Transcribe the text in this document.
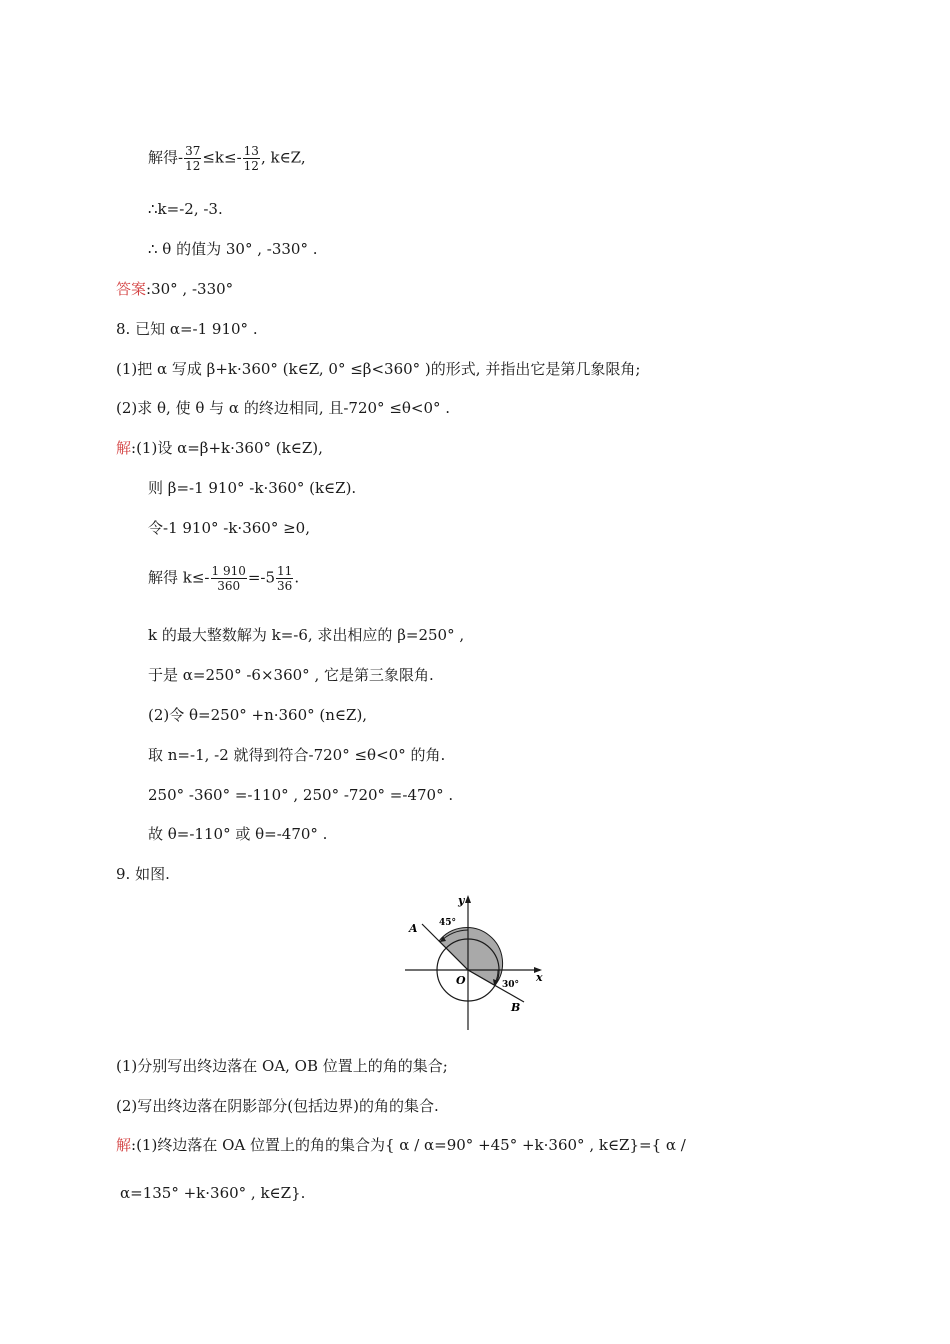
解得- $\frac{37}{12} \le k\le- \frac{13}{12}$ , k∈Z,
∴k=-2, -3.
∴ θ 的值为 30° , -330° .
答案:30° , -330°
8. 已知 α=-1 910° .
(1)把 α 写成 β+k·360° (k∈Z, 0° ≤β<360° )的形式, 并指出它是第几象限角;
(2)求 θ, 使 θ 与 α 的终边相同, 且-720° ≤θ<0° .
解:(1)设 α=β+k·360° (k∈Z),
则 β=-1 910° -k·360° (k∈Z).
令-1 910° -k·360° ≥0,
解得 $k\le- \frac{1 910}{360} =-5 \frac{11}{36}$ .
k 的最大整数解为 k=-6, 求出相应的 β=250° ,
于是 α=250° -6×360° , 它是第三象限角.
(2)令 θ=250° +n·360° (n∈Z),
取 n=-1, -2 就得到符合-720° ≤θ<0° 的角.
250° -360° =-110° , 250° -720° =-470° .
故 θ=-110° 或 θ=-470° .
9. 如图.
y
x
A
B
O
45°
30°
(1)分别写出终边落在 OA, OB 位置上的角的集合;
(2)写出终边落在阴影部分(包括边界)的角的集合.
解:(1)终边落在 OA 位置上的角的集合为{ α / α=90° +45° +k·360° , k∈Z}={ α /
α=135° +k·360° , k∈Z}.
